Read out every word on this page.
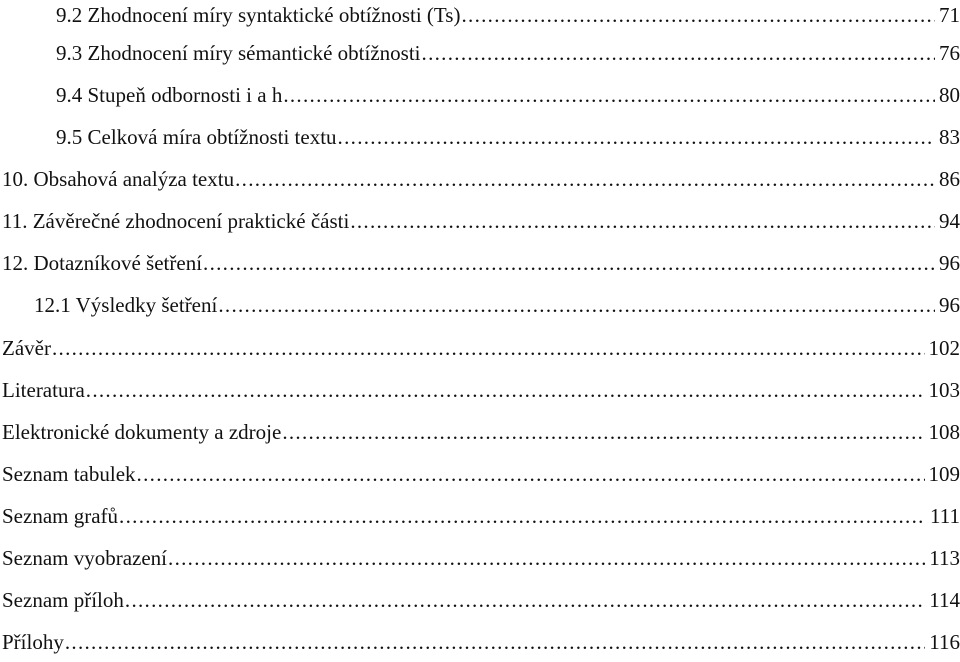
9.2 Zhodnocení míry syntaktické obtížnosti (Ts) .....	71
9.3 Zhodnocení míry sémantické obtížnosti .....	76
9.4 Stupeň odbornosti i a h .....	80
9.5 Celková míra obtížnosti textu .....	83
10. Obsahová analýza textu .....	86
11. Závěrečné zhodnocení praktické části .....	94
12. Dotazníkové šetření .....	96
12.1 Výsledky šetření .....	96
Závěr .....	102
Literatura .....	103
Elektronické dokumenty a zdroje .....	108
Seznam tabulek .....	109
Seznam grafů .....	111
Seznam vyobrazení .....	113
Seznam příloh .....	114
Přílohy .....	116
